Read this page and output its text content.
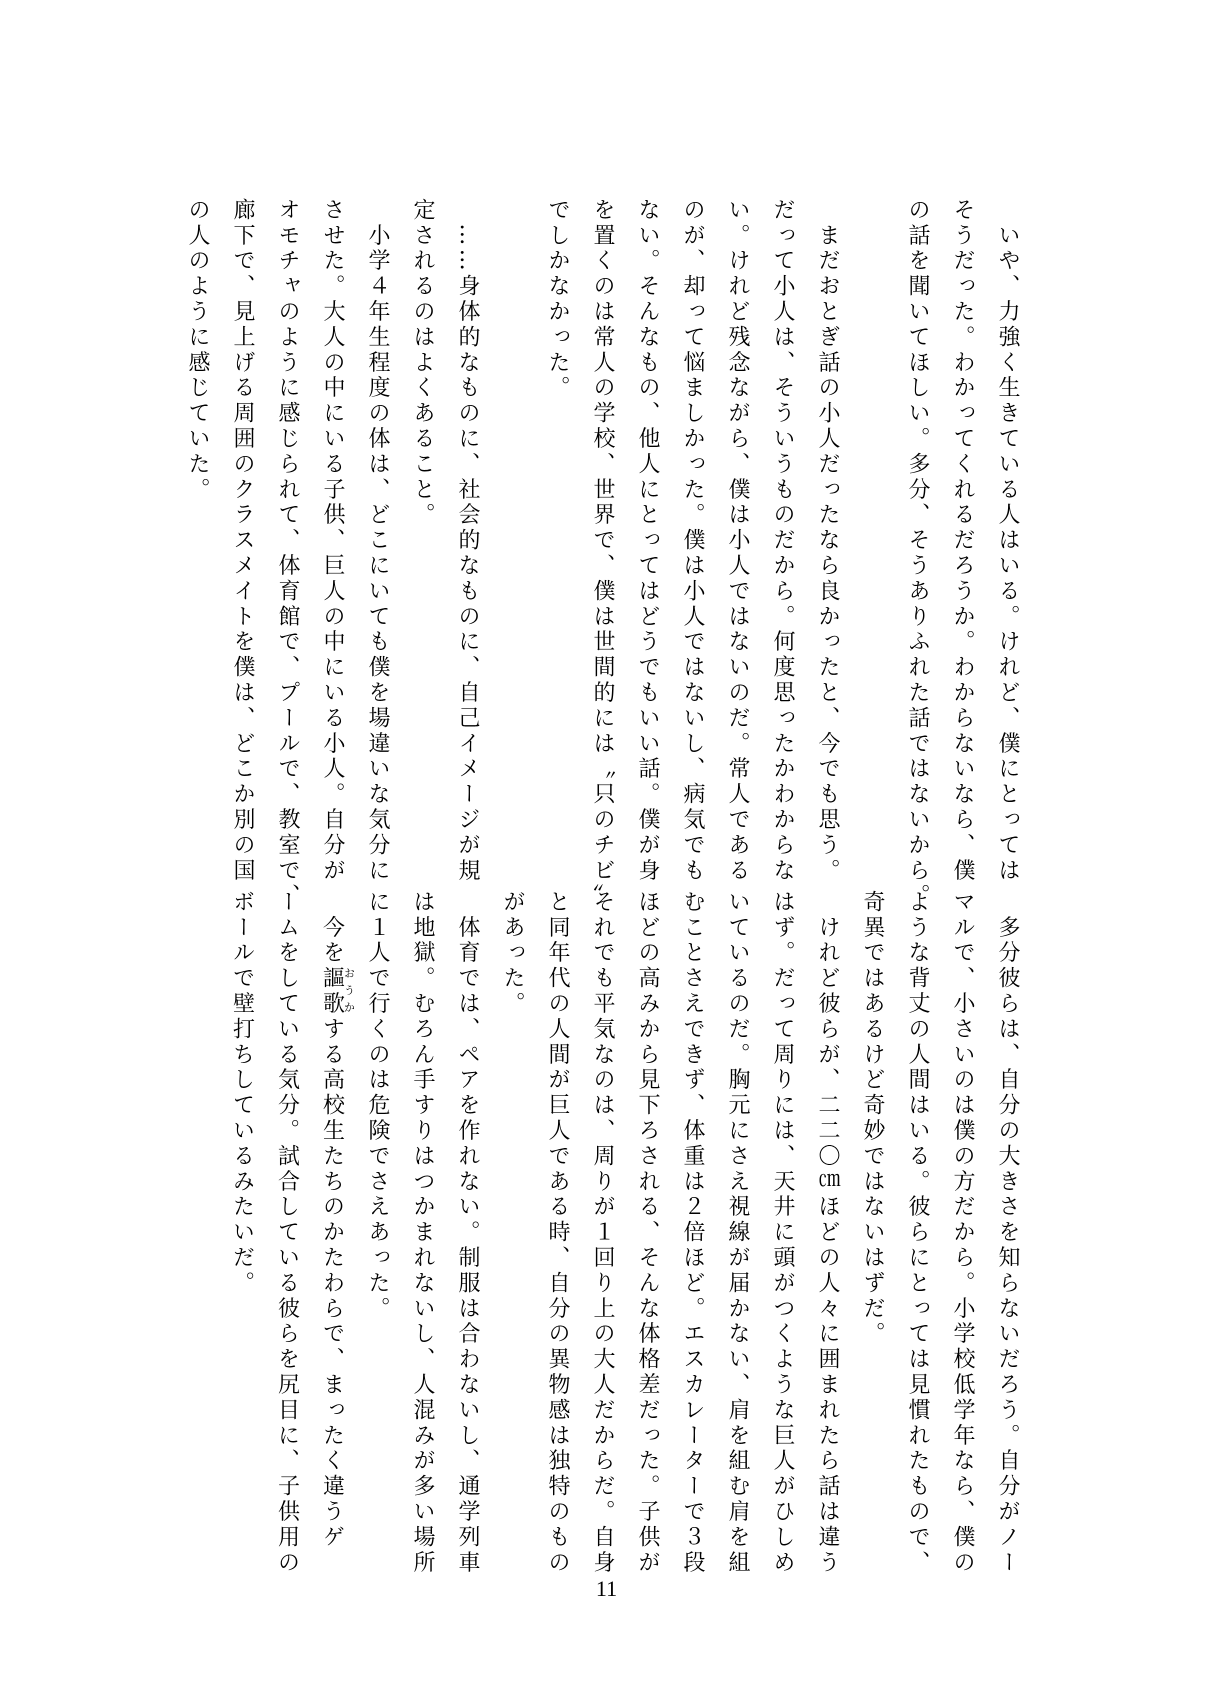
　いや、力強く生きている人はいる。けれど、僕にとっては
そうだった。わかってくれるだろうか。わからないなら、僕
の話を聞いてほしい。多分、そうありふれた話ではないから。

　まだおとぎ話の小人だったなら良かったと、今でも思う。
だって小人は、そういうものだから。何度思ったかわからな
い。けれど残念ながら、僕は小人ではないのだ。常人である
のが、却って悩ましかった。僕は小人ではないし、病気でも
ない。そんなもの、他人にとってはどうでもいい話。僕が身
を置くのは常人の学校、世界で、僕は世間的には〝只のチビ〟
でしかなかった。

　……身体的なものに、社会的なものに、自己イメージが規
定されるのはよくあること。
　小学４年生程度の体は、どこにいても僕を場違いな気分に
させた。大人の中にいる子供、巨人の中にいる小人。自分が
オモチャのように感じられて、体育館で、プールで、教室で、
廊下で、見上げる周囲のクラスメイトを僕は、どこか別の国
の人のように感じていた。
　多分彼らは、自分の大きさを知らないだろう。自分がノー
マルで、小さいのは僕の方だから。小学校低学年なら、僕の
ような背丈の人間はいる。彼らにとっては見慣れたもので、
奇異ではあるけど奇妙ではないはずだ。
　けれど彼らが、二二〇㎝ほどの人々に囲まれたら話は違う
はず。だって周りには、天井に頭がつくような巨人がひしめ
いているのだ。胸元にさえ視線が届かない、肩を組む肩を組
むことさえできず、体重は２倍ほど。エスカレーターで３段
ほどの高みから見下ろされる、そんな体格差だった。子供が
それでも平気なのは、周りが１回り上の大人だからだ。自身
と同年代の人間が巨人である時、自分の異物感は独特のもの
があった。
　体育では、ペアを作れない。制服は合わないし、通学列車
は地獄。むろん手すりはつかまれないし、人混みが多い場所
に１人で行くのは危険でさえあった。
　今を謳歌おうかする高校生たちのかたわらで、まったく違うゲ
ームをしている気分。試合している彼らを尻目に、子供用の
ボールで壁打ちしているみたいだ。
11
